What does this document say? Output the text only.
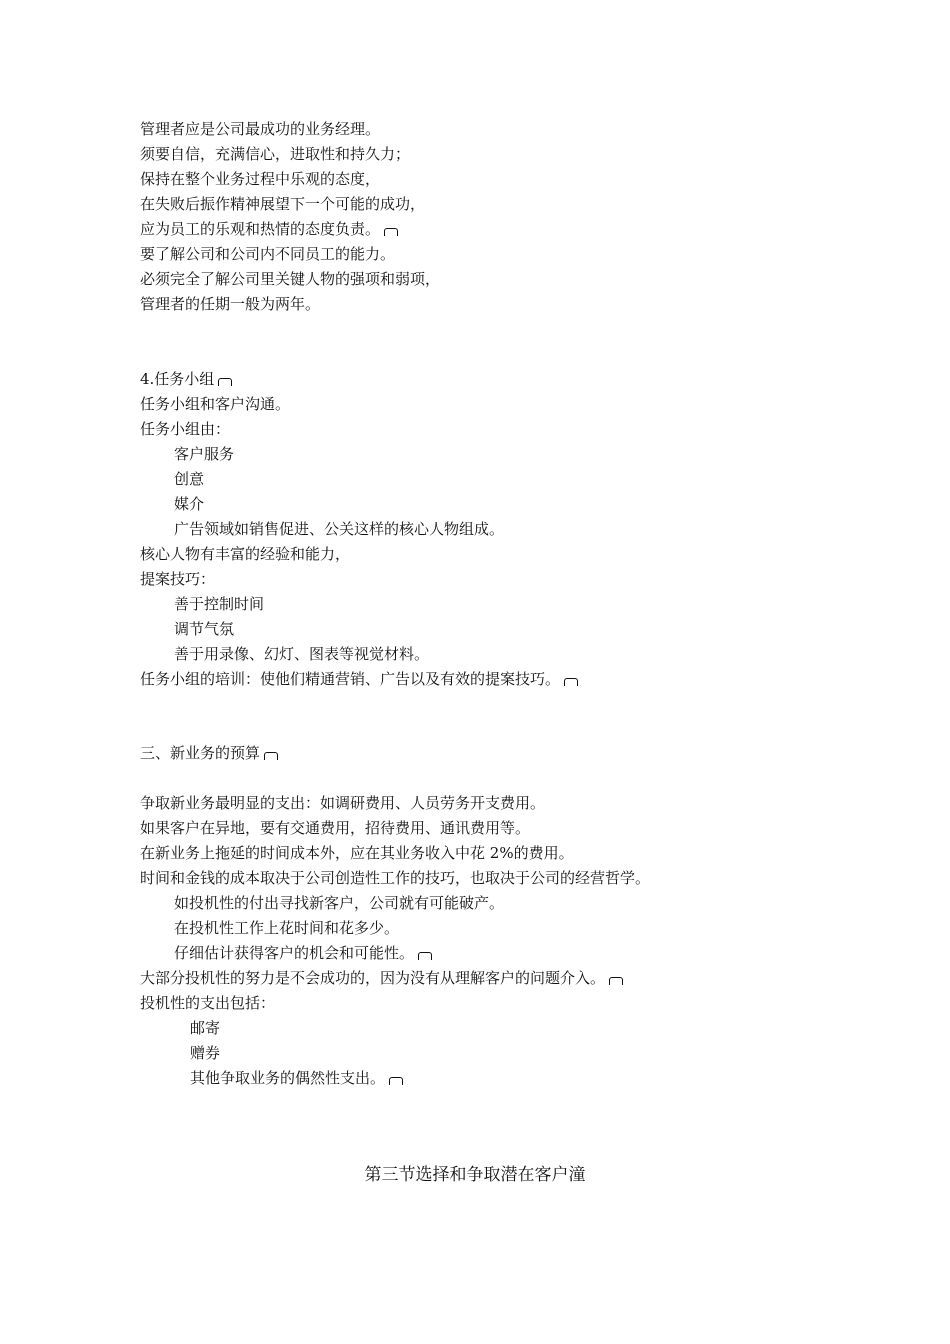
管理者应是公司最成功的业务经理。
须要自信，充满信心，进取性和持久力；
保持在整个业务过程中乐观的态度，
在失败后振作精神展望下一个可能的成功，
应为员工的乐观和热情的态度负责。
要了解公司和公司内不同员工的能力。
必须完全了解公司里关键人物的强项和弱项，
管理者的任期一般为两年。
4.任务小组
任务小组和客户沟通。
任务小组由：
客户服务
创意
媒介
广告领域如销售促进、公关这样的核心人物组成。
核心人物有丰富的经验和能力，
提案技巧：
善于控制时间
调节气氛
善于用录像、幻灯、图表等视觉材料。
任务小组的培训：使他们精通营销、广告以及有效的提案技巧。
三、新业务的预算
争取新业务最明显的支出：如调研费用、人员劳务开支费用。
如果客户在异地，要有交通费用，招待费用、通讯费用等。
在新业务上拖延的时间成本外，应在其业务收入中花 2%的费用。
时间和金钱的成本取决于公司创造性工作的技巧，也取决于公司的经营哲学。
如投机性的付出寻找新客户，公司就有可能破产。
在投机性工作上花时间和花多少。
仔细估计获得客户的机会和可能性。
大部分投机性的努力是不会成功的，因为没有从理解客户的问题介入。
投机性的支出包括：
邮寄
赠券
其他争取业务的偶然性支出。
第三节选择和争取潜在客户潼
